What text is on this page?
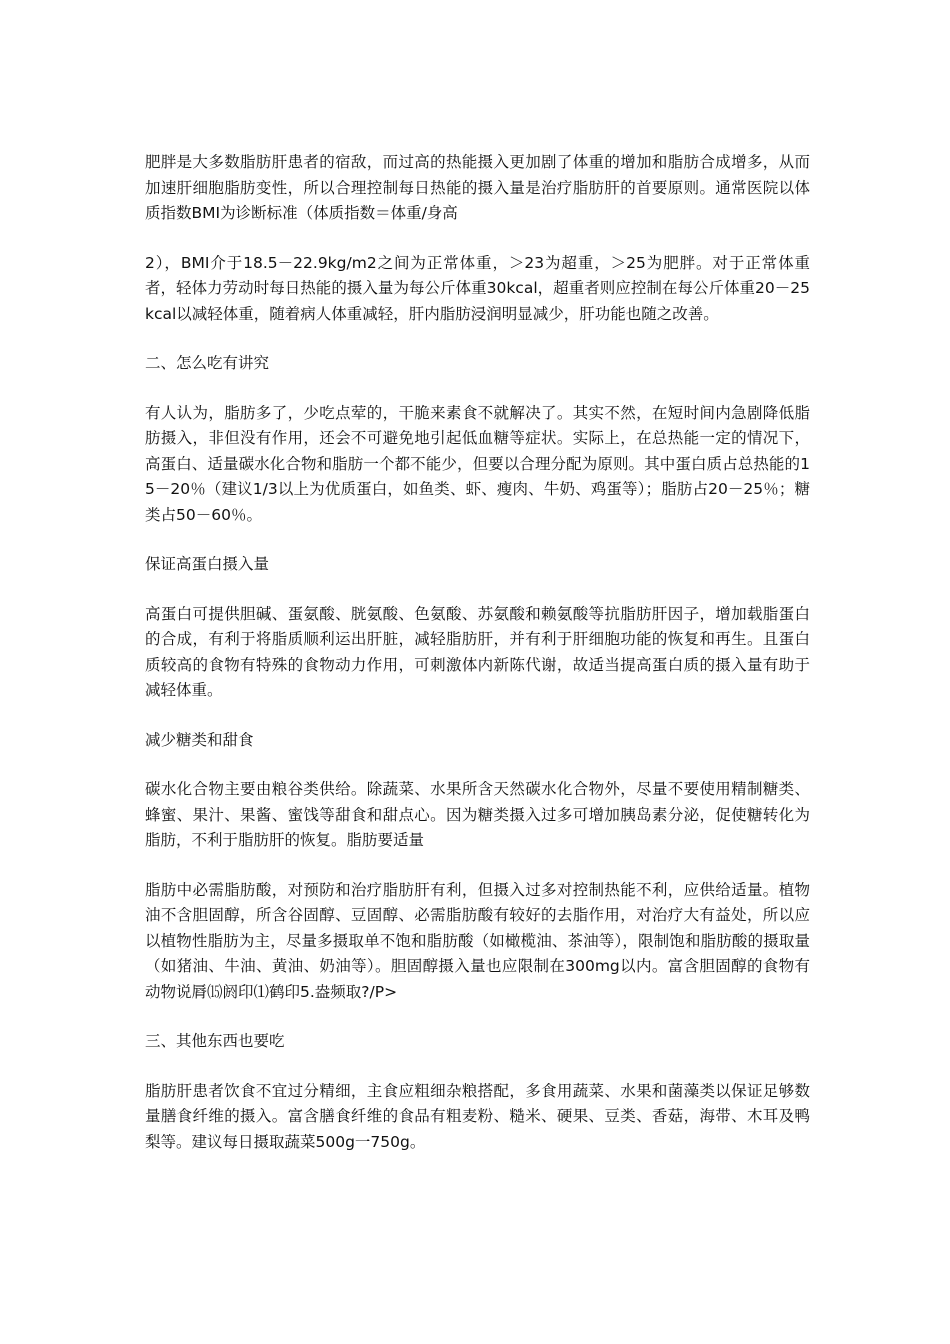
肥胖是大多数脂肪肝患者的宿敌，而过高的热能摄入更加剧了体重的增加和脂肪合成增多，从而加速肝细胞脂肪变性，所以合理控制每日热能的摄入量是治疗脂肪肝的首要原则。通常医院以体质指数BMI为诊断标准（体质指数＝体重/身高

2），BMI介于18.5－22.9kg/m2之间为正常体重，＞23为超重，＞25为肥胖。对于正常体重者，轻体力劳动时每日热能的摄入量为每公斤体重30kcal，超重者则应控制在每公斤体重20－25kcal以减轻体重，随着病人体重减轻，肝内脂肪浸润明显减少，肝功能也随之改善。

二、怎么吃有讲究

有人认为，脂肪多了，少吃点荤的，干脆来素食不就解决了。其实不然，在短时间内急剧降低脂肪摄入，非但没有作用，还会不可避免地引起低血糖等症状。实际上，在总热能一定的情况下，高蛋白、适量碳水化合物和脂肪一个都不能少，但要以合理分配为原则。其中蛋白质占总热能的15－20％（建议1/3以上为优质蛋白，如鱼类、虾、瘦肉、牛奶、鸡蛋等）；脂肪占20－25％；糖类占50－60％。

保证高蛋白摄入量

高蛋白可提供胆碱、蛋氨酸、胱氨酸、色氨酸、苏氨酸和赖氨酸等抗脂肪肝因子，增加载脂蛋白的合成，有利于将脂质顺利运出肝脏，减轻脂肪肝，并有利于肝细胞功能的恢复和再生。且蛋白质较高的食物有特殊的食物动力作用，可刺激体内新陈代谢，故适当提高蛋白质的摄入量有助于减轻体重。

减少糖类和甜食

碳水化合物主要由粮谷类供给。除蔬菜、水果所含天然碳水化合物外，尽量不要使用精制糖类、蜂蜜、果汁、果酱、蜜饯等甜食和甜点心。因为糖类摄入过多可增加胰岛素分泌，促使糖转化为脂肪，不利于脂肪肝的恢复。脂肪要适量

脂肪中必需脂肪酸，对预防和治疗脂肪肝有利，但摄入过多对控制热能不利，应供给适量。植物油不含胆固醇，所含谷固醇、豆固醇、必需脂肪酸有较好的去脂作用，对治疗大有益处，所以应以植物性脂肪为主，尽量多摄取单不饱和脂肪酸（如橄榄油、茶油等），限制饱和脂肪酸的摄取量（如猪油、牛油、黄油、奶油等）。胆固醇摄入量也应限制在300mg以内。富含胆固醇的食物有动物说脣⒂阏印⑴鹤印5.盎频取?/P>

三、其他东西也要吃

脂肪肝患者饮食不宜过分精细，主食应粗细杂粮搭配，多食用蔬菜、水果和菌藻类以保证足够数量膳食纤维的摄入。富含膳食纤维的食品有粗麦粉、糙米、硬果、豆类、香菇，海带、木耳及鸭梨等。建议每日摄取蔬菜500g一750g。
